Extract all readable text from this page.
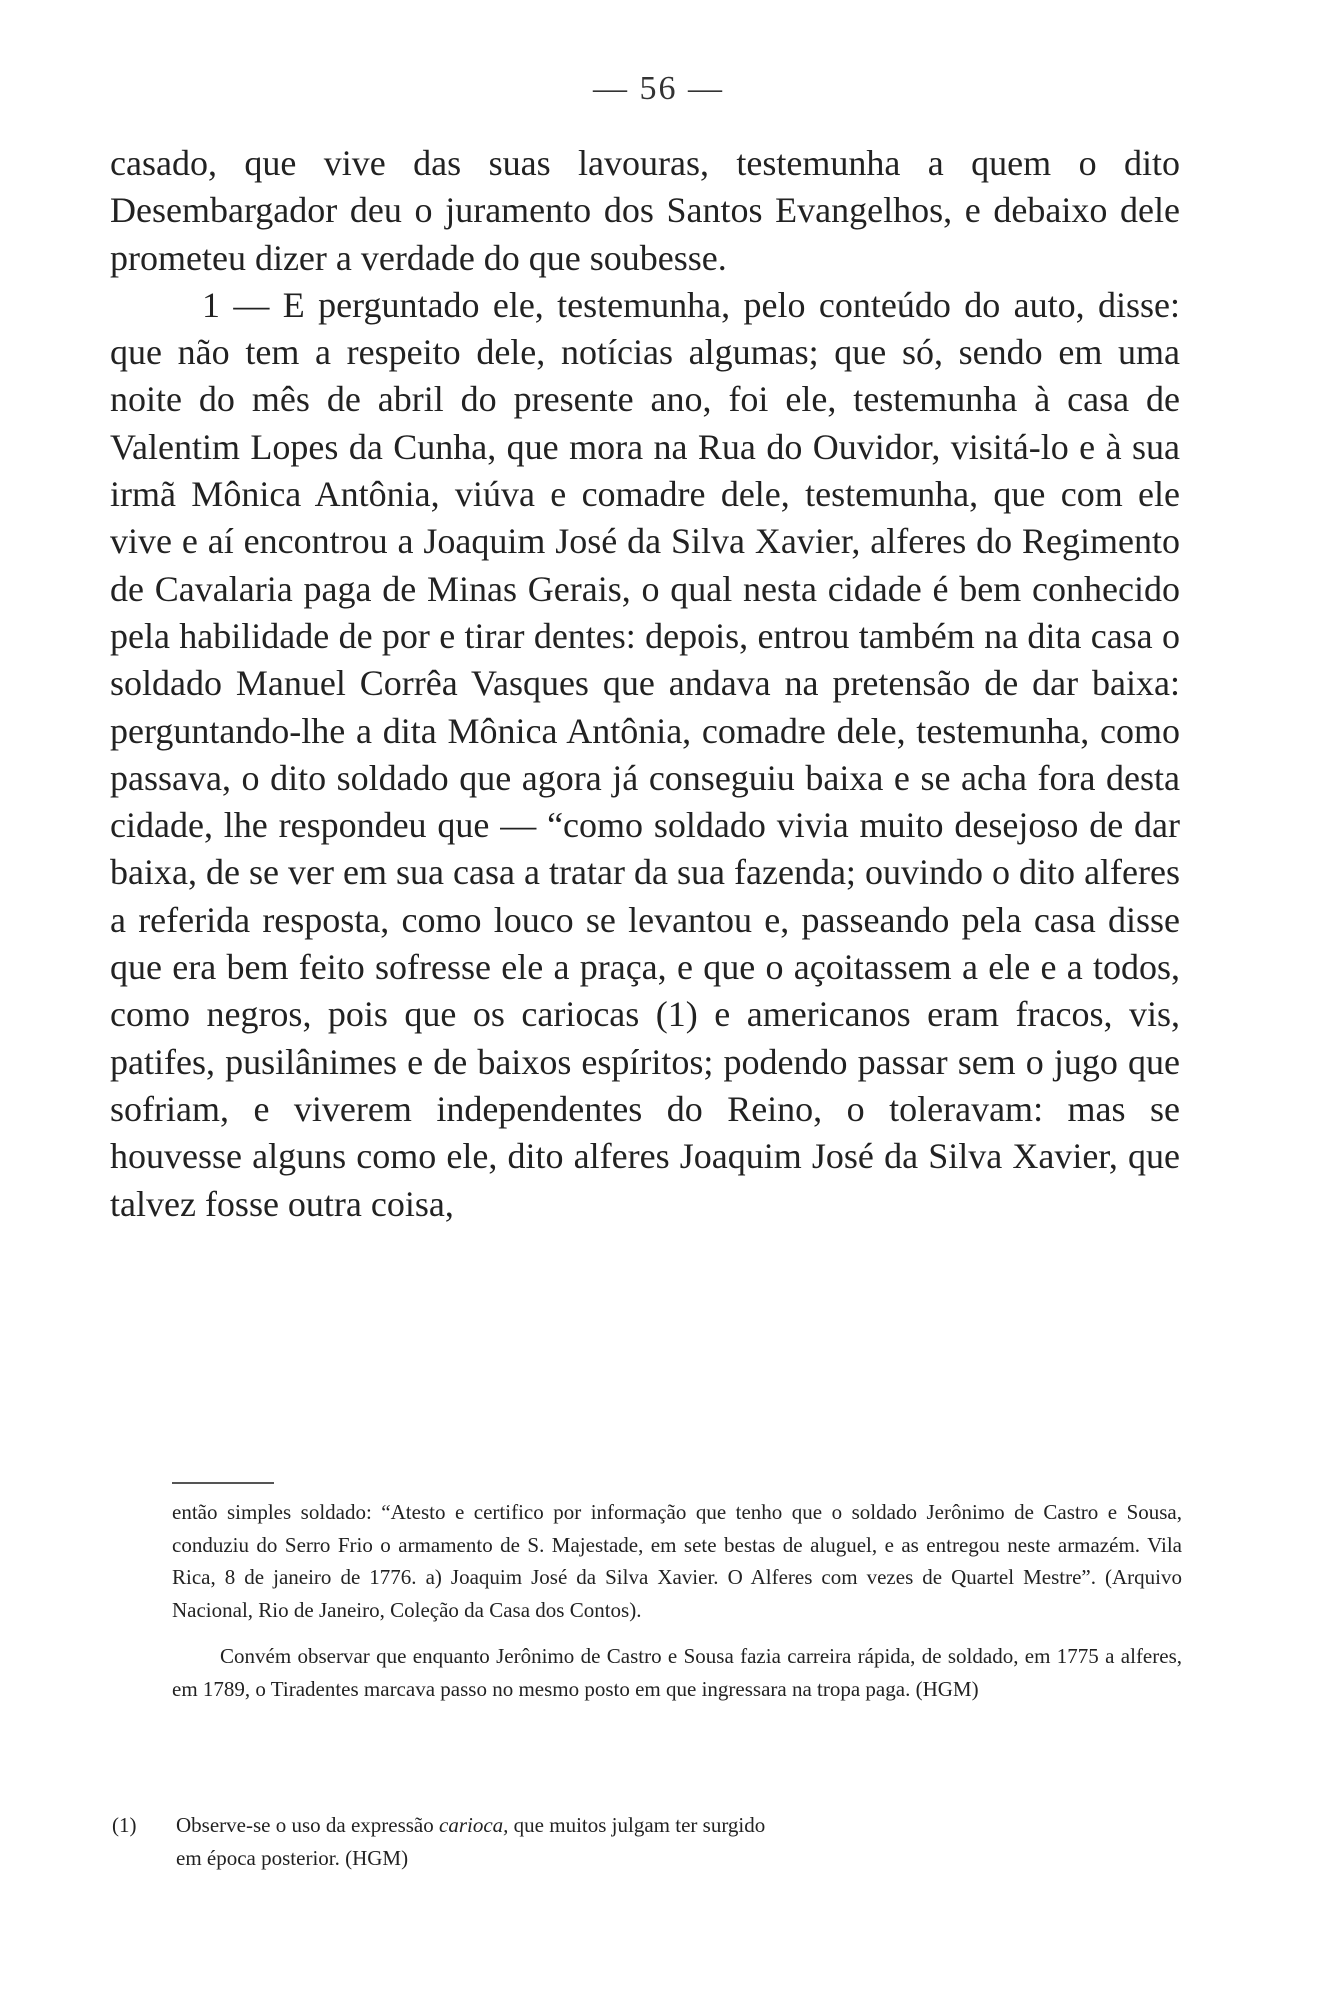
— 56 —

casado, que vive das suas lavouras, testemunha a quem o dito Desembargador deu o juramento dos Santos Evangelhos, e debaixo dele prometeu dizer a verdade do que soubesse.

1 — E perguntado ele, testemunha, pelo conteúdo do auto, disse: que não tem a respeito dele, notícias algumas; que só, sendo em uma noite do mês de abril do presente ano, foi ele, testemunha à casa de Valentim Lopes da Cunha, que mora na Rua do Ouvidor, visitá-lo e à sua irmã Mônica Antônia, viúva e comadre dele, testemunha, que com ele vive e aí encontrou a Joaquim José da Silva Xavier, alferes do Regimento de Cavalaria paga de Minas Gerais, o qual nesta cidade é bem conhecido pela habilidade de por e tirar dentes: depois, entrou também na dita casa o soldado Manuel Corrêa Vasques que andava na pretensão de dar baixa: perguntando-lhe a dita Mônica Antônia, comadre dele, testemunha, como passava, o dito soldado que agora já conseguiu baixa e se acha fora desta cidade, lhe respondeu que — “como soldado vivia muito desejoso de dar baixa, de se ver em sua casa a tratar da sua fazenda; ouvindo o dito alferes a referida resposta, como louco se levantou e, passeando pela casa disse que era bem feito sofresse ele a praça, e que o açoitassem a ele e a todos, como negros, pois que os cariocas (1) e americanos eram fracos, vis, patifes, pusilânimes e de baixos espíritos; podendo passar sem o jugo que sofriam, e viverem independentes do Reino, o toleravam: mas se houvesse alguns como ele, dito alferes Joaquim José da Silva Xavier, que talvez fosse outra coisa,

então simples soldado: “Atesto e certifico por informação que tenho que o soldado Jerônimo de Castro e Sousa, conduziu do Serro Frio o armamento de S. Majestade, em sete bestas de aluguel, e as entregou neste armazém. Vila Rica, 8 de janeiro de 1776. a) Joaquim José da Silva Xavier. O Alferes com vezes de Quartel Mestre”. (Arquivo Nacional, Rio de Janeiro, Coleção da Casa dos Contos).

Convém observar que enquanto Jerônimo de Castro e Sousa fazia carreira rápida, de soldado, em 1775 a alferes, em 1789, o Tiradentes marcava passo no mesmo posto em que ingressara na tropa paga. (HGM)

(1) Observe-se o uso da expressão carioca, que muitos julgam ter surgido
em época posterior. (HGM)
